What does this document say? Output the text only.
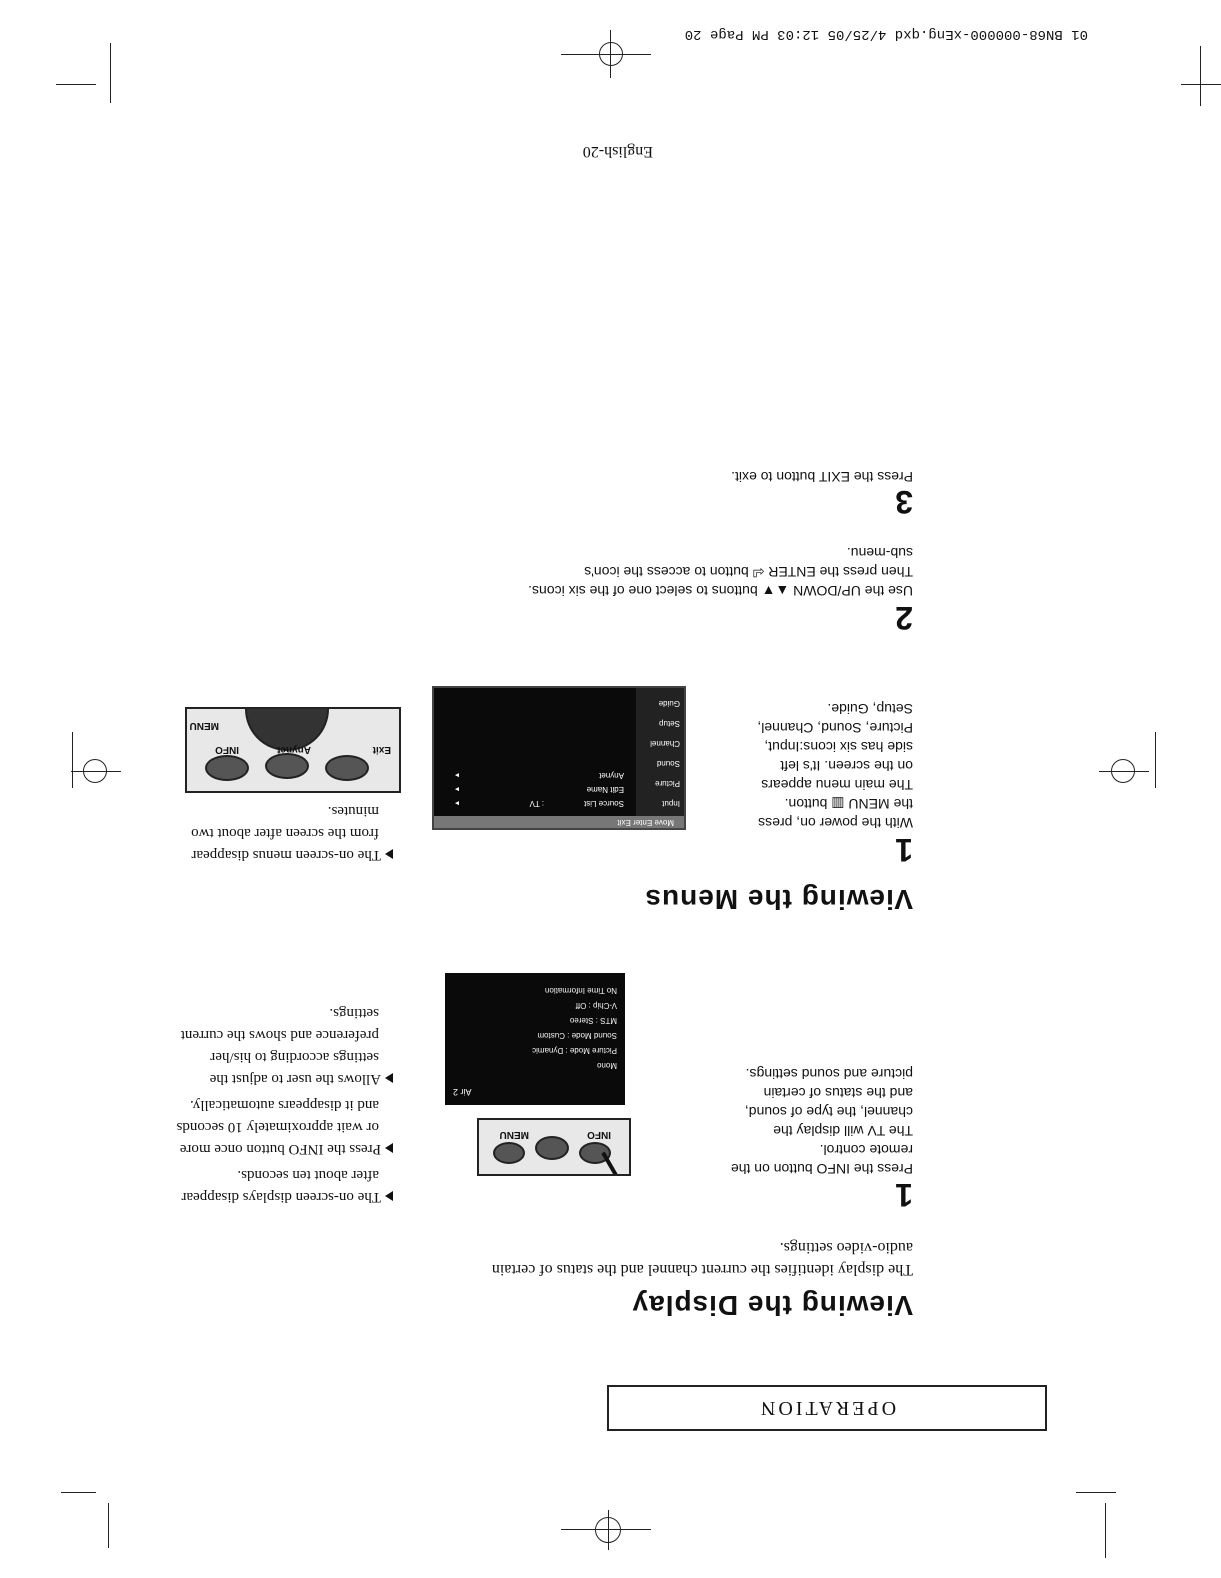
01 BN68-000000-xEng.qxd 4/25/05 12:03 PM Page 20
OPERATION
Viewing the Display
The display identifies the current channel and the status of certain audio-video settings.
1

Press the INFO button on the

remote control.

The TV will display the

channel, the type of sound,

and the status of certain

picture and sound settings.

INFO
MENU
Air 2
Mono
Picture Mode : Dynamic
Sound Mode : Custom
MTS : Stereo
V-Chip : Off
No Time Information

The on-screen displays disappear after about ten seconds.

Press the INFO button once more or wait approximately 10 seconds and it disappears automatically.

Allows the user to adjust the settings according to his/her preference and shows the current settings.

Viewing the Menus
1

With the power on, press

the MENU ▥ button.

The main menu appears

on the screen. It's left

side has six icons:Input,

Picture, Sound, Channel,

Setup, Guide.

Move Enter Exit
Input
Picture
Sound
Channel
Setup
Guide
Source List
: TV
Edit Name
Anynet
▸
▸
▸
Exit
Anynet
INFO
MENU

The on-screen menus disappear from the screen after about two minutes.

2

Use the UP/DOWN ▲▼ buttons to select one of the six icons.

Then press the ENTER ⏎ button to access the icon's

sub-menu.

3

Press the EXIT button to exit.

English-20
